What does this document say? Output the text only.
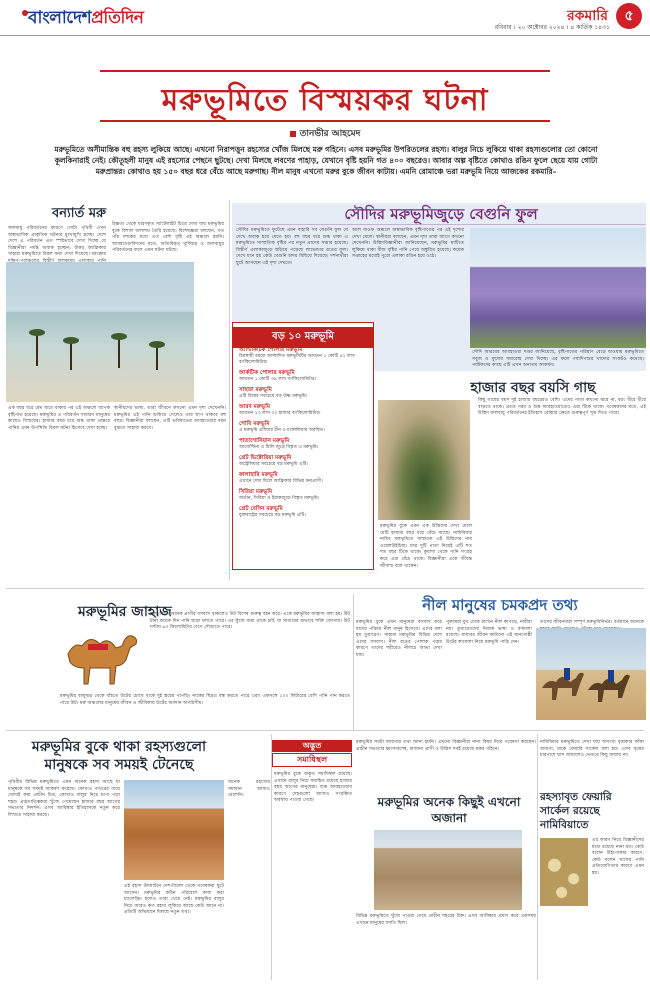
বাংলাদেশপ্রতিদিন	রকমারি	৫
রবিবার । ২০ অক্টোবর ২০২৪ । ৪ কার্তিক ১৪৩১
মরুভূমিতে বিস্ময়কর ঘটনা
তানভীর আহমেদ
মরুভূমিতে অসীমান্তিক বহু রহস্য লুকিয়ে আছে। এখনো নিরাপত্তুন রহস্যের খোঁজ মিলছে মরু গহিনে। এসব মরুভূমির উপরিতলের রহস্য। বালুর নিচে লুকিয়ে থাকা রহস্যগুলোর তো কোনো কূলকিনারাই নেই। কৌতূহলী মানুষ এই রহস্যের পেছনে ছুটছে। দেখা মিলছে লবণের পাহাড়, যেখানে বৃষ্টি হয়নি গত ৪০০ বছরেও। আবার অল্প বৃষ্টিতে কোথাও রঙিন ফুলে ছেয়ে যায় গোটা মরুপ্রান্তর। কোথাও হয় ১৫০ বছর ধরে বেঁচে আছে মরুগাছ। নীল মানুষ এখনো মরুর বুকে জীবন কাটায়। এমনি রোমাঞ্চে ভরা মরুভূমি নিয়ে আজকের রকমারি–
বন্যার্ত মরু
জলবায়ু পরিবর্তনের কারণে গোটা পৃথিবী এখন অস্বাভাবিক প্রাকৃতিক ঘটনার মুখোমুখি হচ্ছে। দেশে দেশে এ পরিবর্তন এত স্পষ্টভাবে দেখা দিচ্ছে যে বিজ্ঞানীরা পর্যন্ত অবাক হচ্ছেন। উত্তর আফ্রিকার সাহারা মরুভূমিতে বিরল বন্যা দেখা দিয়েছে। মরক্কোর
উচ্চতা থেকে ধারণকৃত স্যাটেলাইট চিত্রে দেখা যায় মরুভূমির বুকে বিশাল জলাশয় তৈরি হয়েছে। বিশেষজ্ঞরা বলছেন, গত পাঁচ দশকের মধ্যে এত বেশি বৃষ্টি এই অঞ্চলে হয়নি। আবহাওয়াবিদদের মতে, অতিরিক্ত্ ঘূর্ণিঝড় ও জলবায়ুর পরিবর্তনের ফলে এমন ঘটনা ঘটছে।
এক বছর ধরে মেঘ জমে থাকার পর এই অঞ্চলে ব্যাপক বৃষ্টিপাত হয়েছে। মরুভূমির এ পরিবর্তন সাধারণ মানুষের কাছেও বিস্ময়ের। হাজার বছর ধরে শুষ্ক থাকা প্রান্তরে পানির এমন উপস্থিতি বিরল ঘটনা হিসেবে দেখা হচ্ছে।
স্থানীয়দের ভাষ্য, তারা জীবনে কখনো এমন দৃশ্য দেখেননি। মরুভূমির এই পানি শুকিয়ে গেলেও তার ছাপ থাকবে বহু বছর। বিজ্ঞানীরা বলছেন, এটি ভবিষ্যতের আবহাওয়ার ধরন বুঝতে সাহায্য করবে।
সৌদির মরুভূমিজুড়ে বেগুনি ফুল
সৌদির মরুভূমিতে ফুটেছে এমন বাহারি সব বেগুনি ফুল যে দেখে অবাক হয়ে যেতে হয়। বহু বছর ধরে শুষ্ক থাকা এ মরুভূমিতে সাম্প্রতিক বৃষ্টির পর নতুন প্রাণের সঞ্চার হয়েছে। বিস্তীর্ণ এলাকাজুড়ে ছড়িয়ে পড়েছে লাভেন্ডার রঙের ফুল। দেখে মনে হয় কেউ বেগুনি চাদর বিছিয়ে দিয়েছে। দর্শনার্থীরা ছুটে আসছেন এই দৃশ্য দেখতে।
আল জওফ অঞ্চলে অস্বাভাবিক বৃষ্টিপাতের পর এই দৃশ্যের দেখা মেলে। স্থানীয়রা বলছেন, এমন দৃশ্য তারা আগে কখনো দেখেননি। উদ্ভিদবিজ্ঞানীরা জানিয়েছেন, মরুভূমির মাটিতে লুকিয়ে থাকা বীজ বৃষ্টির পানি পেয়ে অঙ্কুরিত হয়েছে। কয়েক সপ্তাহের মধ্যেই পুরো এলাকা রঙিন হয়ে ওঠে।
সৌদি আরবের আবহাওয়া দপ্তর জানিয়েছে, বৃষ্টিপাতের পরিমাণ বেড়ে যাওয়ায় মরুভূমিতে সবুজ ও ফুলের সমারোহ দেখা দিচ্ছে। এর ফলে গবাদিপশুর খাদ্যের সংকটও কমেছে। পর্যটকদের কাছে এটি এখন অন্যতম আকর্ষণ।
বড় ১০ মরুভূমি
অ্যান্টার্কটিক পোলার মরুভূমি
চিরস্থায়ী বরফে আচ্ছাদিত মরুভূমিটির আয়তন ১ কোটি ৪২ লাখ বর্গকিলোমিটার।
আর্কটিক পোলার মরুভূমি
আয়তন ১ কোটি ৩৯ লাখ বর্গকিলোমিটার।
সাহারা মরুভূমি
এটি বিশ্বের সবচেয়ে বড় উষ্ণ মরুভূমি।
আরব মরুভূমি
আয়তন ২৩ লাখ ৩০ হাজার বর্গকিলোমিটার।
গোবি মরুভূমি
এ মরুভূমি এশিয়ার চীন ও মঙ্গোলিয়ায় অবস্থিত।
পাতাগোনিয়ান মরুভূমি
আর্জেন্টিনা ও চিলি জুড়ে বিস্তৃত এ মরুভূমি।
গ্রেট ভিক্টোরিয়া মরুভূমি
অস্ট্রেলিয়ার সবচেয়ে বড় মরুভূমি এটি।
কালাহারি মরুভূমি
এখানে দেখা মিলে আফ্রিকার বিভিন্ন বন্যপ্রাণী।
সিরিয়া মরুভূমি
জর্ডান, সিরিয়া ও ইরাকজুড়ে বিস্তৃত মরুভূমি।
গ্রেট বেসিন মরুভূমি
যুক্তরাষ্ট্রের সবচেয়ে বড় মরুভূমি এটি।
হাজার বছর বয়সি গাছ
মরুভূমির বুকে এমন এক উদ্ভিদের দেখা মেলে যেটি হাজার বছর ধরে বেঁচে আছে। নামিবিয়ার নামিব মরুভূমিতে জন্মানো এই উদ্ভিদের নাম ওয়েলউইচিয়া। মাত্র দুটি পাতা নিয়েই এটি শত শত বছর টিকে থাকে। কুয়াশা থেকে পানি সংগ্রহ করে এরা বেঁচে থাকে। বিজ্ঞানীরা একে জীবন্ত জীবাশ্ম বলে থাকেন।
কিছু গাছের বয়স দুই হাজার বছরেরও বেশি। এদের পাতা কখনো ঝরে না, বরং ধীরে ধীরে বাড়তে থাকে। প্রচণ্ড গরম ও শুষ্ক আবহাওয়াতেও এরা টিকে থাকে। গবেষকদের মতে, এই উদ্ভিদ জলবায়ু পরিবর্তনের ইতিহাস বোঝার ক্ষেত্রে গুরুত্বপূর্ণ সূত্র দিতে পারে।
মরুভূমির জাহাজ
মরুভূমিতে অনেক প্রাণীর বসবাস থাকলেও উট বিশেষ গুরুত্ব বহন করে। একে মরুভূমির জাহাজ বলা হয়। উট টানা কয়েক দিন পানি ছাড়া চলতে পারে। এর কুঁজে জমা থাকে চর্বি, যা খাবারের অভাবে শক্তি জোগায়। উট ঘণ্টায় ৬০ কিলোমিটার বেগে দৌড়াতে পারে।
মরুভূমির বালুঝড় থেকে বাঁচতে উটের চোখে থাকে দুই স্তরের পাপড়ি। নাকের ছিদ্রও বন্ধ করতে পারে এরা। একসঙ্গে ১০০ লিটারের বেশি পানি পান করতে পারে উট। মরু অঞ্চলের মানুষের জীবন ও জীবিকায় উটের অবদান অপরিসীম।
নীল মানুষের চমকপ্রদ তথ্য
মরুভূমির বুকে এমন মানুষেরা বসবাস করে যাদের পরিচয় নীল মানুষ হিসেবে। এদের বলা হয় তুয়ারেগ। সাহারা মরুভূমির বিভিন্ন দেশে এদের বসবাস। নীল রঙের পোশাক পরার কারণে তাদের শরীরেও নীলচে আভা দেখা যায়।
পুরুষেরা মুখ ঢেকে রাখেন নীল কাপড়ে, নারীরা নয়। তুয়ারেগদের নিজস্ব ভাষা ও বর্ণমালা রয়েছে। যাযাবর জীবন কাটানো এই জনগোষ্ঠী উটের কাফেলা নিয়ে মরুভূমি পাড়ি দেন।
তাদের জীবনধারা সম্পূর্ণ মরুভূমিনির্ভর। বর্তমানে অনেকে
মরুভূমির বুকে থাকা রহস্যগুলো মানুষকে সব সময়ই টেনেছে
পৃথিবীর বিভিন্ন মরুভূমিতে এমন অনেক রহস্য আছে যা মানুষকে সব সময়ই আকর্ষণ করেছে। কোথাও পাথরের গায়ে খোদাই করা প্রাচীন চিত্র, কোথাও বালুর নিচে চাপা পড়া শহর। প্রত্নতাত্ত্বিকরা খুঁজে পেয়েছেন হাজার বছর আগের সভ্যতার নিদর্শন। এসব আবিষ্কার ইতিহাসকে নতুন করে লিখতে সাহায্য করছে।
এই রহস্য উদঘাটনে দেশ-বিদেশ থেকে গবেষকরা ছুটে আসেন। মরুভূমির কঠিন পরিবেশে কাজ করা চ্যালেঞ্জিং হলেও তারা থেমে নেই। মরুভূমির বালুর নিচে আরও কত রহস্য লুকিয়ে আছে কেউ জানে না। প্রতিটি অভিযানে মিলছে নতুন তথ্য।
অনেক রহস্যের সমাধান আজও মেলেনি।
অদ্ভুত
সমাধিস্থল
মরুভূমির বুকে অদ্ভুত সমাধিস্থল রয়েছে। এখানে বালুর নিচে সমাহিত রয়েছে হাজার বছর আগের মানুষেরা। শুষ্ক আবহাওয়ার কারণে দেহগুলো আজও সংরক্ষিত অবস্থায় পাওয়া গেছে।	মরুভূমির অনেক কিছুই এখনো অজানা
মরুভূমির সবটা জায়গার তথ্য জানা হয়নি। এখনো বিজ্ঞানীরা নানা বিষয় নিয়ে গবেষণা করছেন। প্রাচীন সভ্যতার ধ্বংসাবশেষ, অজানা প্রাণী ও উদ্ভিদ সবই রয়েছে মরুর গহিনে।
বিভিন্ন মরুভূমিতে খুঁজে পাওয়া গেছে প্রাচীন শহরের চিহ্ন। এসব আবিষ্কার প্রমাণ করে একসময় এখানে মানুষের বসতি ছিল।
রহস্যাবৃত ফেয়ারি সার্কেল রয়েছে নামিবিয়াতে
নামিবিয়ার মরুভূমিতে দেখা যায় অসংখ্য বৃত্তাকার ফাঁকা জায়গা, যাকে ফেয়ারি সার্কেল বলা হয়। এসব বৃত্তের চারপাশে ঘাস জন্মালেও ভেতরে কিছু জন্মায় না।
এর কারণ নিয়ে বিজ্ঞানীদের মধ্যে রয়েছে নানা মত। কেউ বলেন উইপোকার কারণে, কেউ বলেন ঘাসের পানি প্রতিযোগিতার কারণে এমন হয়।
